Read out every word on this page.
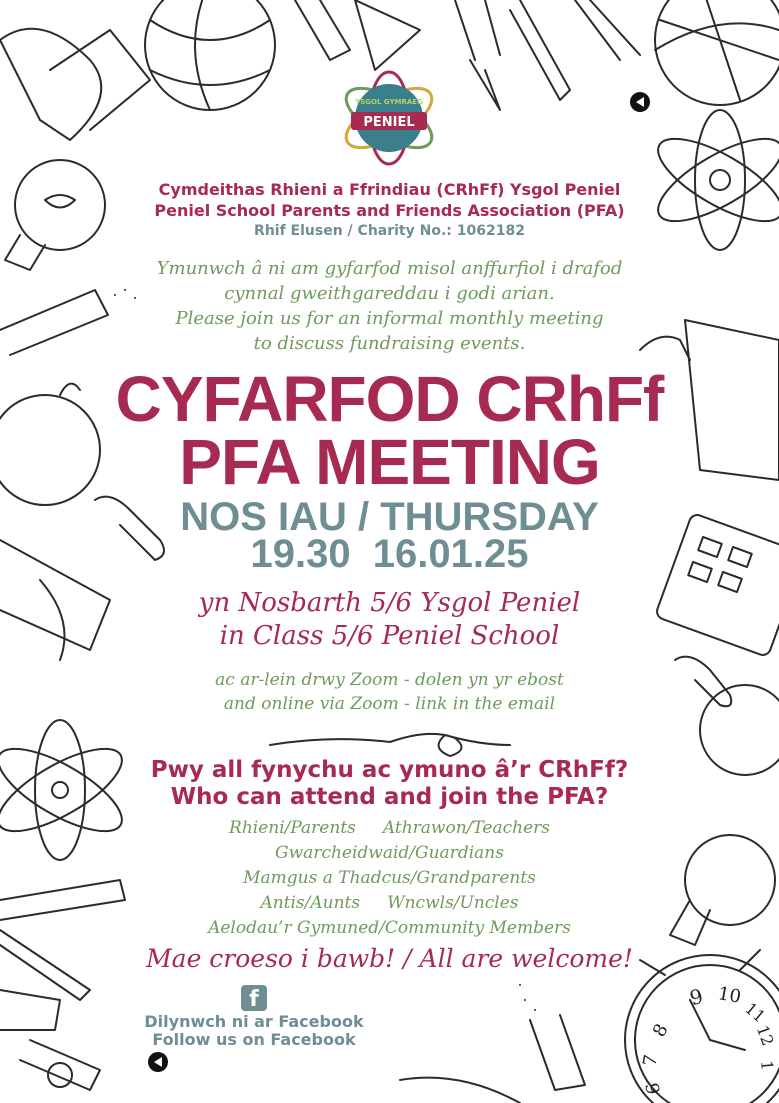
9 10
11
12
1
8
7
6
YSGOL GYMRAEG
PENIEL
Cymdeithas Rhieni a Ffrindiau (CRhFf) Ysgol Peniel
Peniel School Parents and Friends Association (PFA)
Rhif Elusen / Charity No.: 1062182
Ymunwch â ni am gyfarfod misol anffurfiol i drafod
cynnal gweithgareddau i godi arian.
Please join us for an informal monthly meeting
to discuss fundraising events.
CYFARFOD CRhFf
PFA MEETING
NOS IAU / THURSDAY
19.30  16.01.25
yn Nosbarth 5/6 Ysgol Peniel
in Class 5/6 Peniel School
ac ar-lein drwy Zoom - dolen yn yr ebost
and online via Zoom - link in the email
Pwy all fynychu ac ymuno â’r CRhFf?
Who can attend and join the PFA?
Rhieni/Parents     Athrawon/Teachers
Gwarcheidwaid/Guardians
Mamgus a Thadcus/Grandparents
Antis/Aunts     Wncwls/Uncles
Aelodau’r Gymuned/Community Members
Mae croeso i bawb! / All are welcome!
f
Dilynwch ni ar Facebook
Follow us on Facebook
